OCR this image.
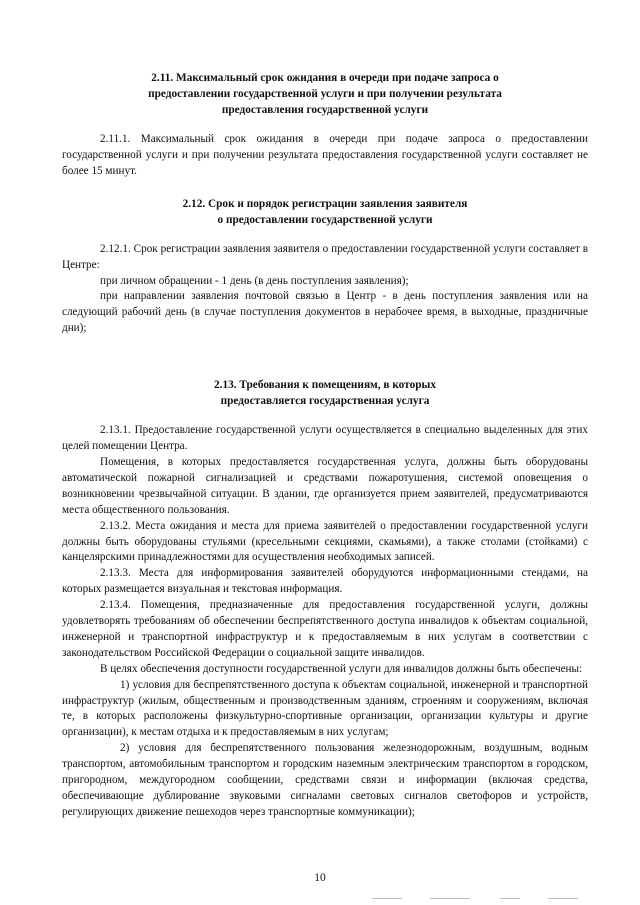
2.11. Максимальный срок ожидания в очереди при подаче запроса о
предоставлении государственной услуги и при получении результата
предоставления государственной услуги

2.11.1. Максимальный срок ожидания в очереди при подаче запроса о предоставлении государственной услуги и при получении результата предоставления государственной услуги составляет не более 15 минут.

2.12. Срок и порядок регистрации заявления заявителя
о предоставлении государственной услуги

2.12.1. Срок регистрации заявления заявителя о предоставлении государственной услуги составляет в Центре:

при личном обращении - 1 день (в день поступления заявления);

при направлении заявления почтовой связью в Центр - в день поступления заявления или на следующий рабочий день (в случае поступления документов в нерабочее время, в выходные, праздничные дни);

2.13. Требования к помещениям, в которых
предоставляется государственная услуга

2.13.1. Предоставление государственной услуги осуществляется в специально выделенных для этих целей помещении Центра.

Помещения, в которых предоставляется государственная услуга, должны быть оборудованы автоматической пожарной сигнализацией и средствами пожаротушения, системой оповещения о возникновении чрезвычайной ситуации. В здании, где организуется прием заявителей, предусматриваются места общественного пользования.

2.13.2. Места ожидания и места для приема заявителей о предоставлении государственной услуги должны быть оборудованы стульями (кресельными секциями, скамьями), а также столами (стойками) с канцелярскими принадлежностями для осуществления необходимых записей.

2.13.3. Места для информирования заявителей оборудуются информационными стендами, на которых размещается визуальная и текстовая информация.

2.13.4. Помещения, предназначенные для предоставления государственной услуги, должны удовлетворять требованиям об обеспечении беспрепятственного доступа инвалидов к объектам социальной, инженерной и транспортной инфраструктур и к предоставляемым в них услугам в соответствии с законодательством Российской Федерации о социальной защите инвалидов.

В целях обеспечения доступности государственной услуги для инвалидов должны быть обеспечены:

1) условия для беспрепятственного доступа к объектам социальной, инженерной и транспортной инфраструктур (жилым, общественным и производственным зданиям, строениям и сооружениям, включая те, в которых расположены физкультурно-спортивные организации, организации культуры и другие организации), к местам отдыха и к предоставляемым в них услугам;

2) условия для беспрепятственного пользования железнодорожным, воздушным, водным транспортом, автомобильным транспортом и городским наземным электрическим транспортом в городском, пригородном, междугородном сообщении, средствами связи и информации (включая средства, обеспечивающие дублирование звуковыми сигналами световых сигналов светофоров и устройств, регулирующих движение пешеходов через транспортные коммуникации);

10
